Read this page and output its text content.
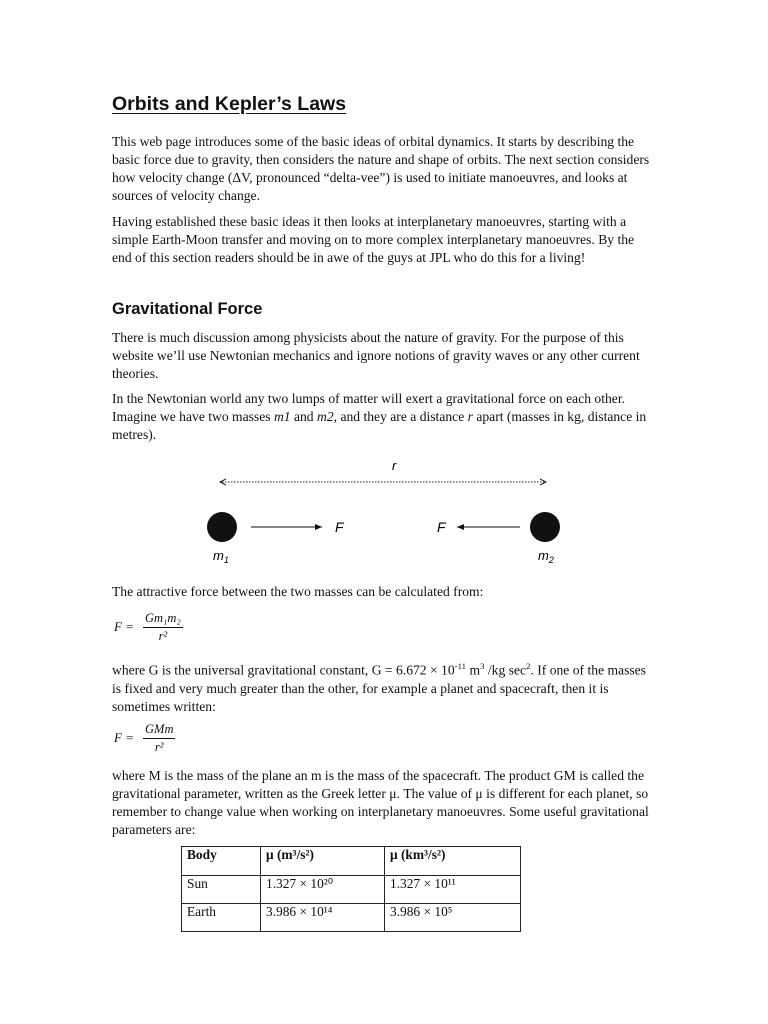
Orbits and Kepler’s Laws

This web page introduces some of the basic ideas of orbital dynamics. It starts by describing the basic force due to gravity, then considers the nature and shape of orbits. The next section considers how velocity change (ΔV, pronounced “delta-vee”) is used to initiate manoeuvres, and looks at sources of velocity change.

Having established these basic ideas it then looks at interplanetary manoeuvres, starting with a simple Earth-Moon transfer and moving on to more complex interplanetary manoeuvres. By the end of this section readers should be in awe of the guys at JPL who do this for a living!

Gravitational Force

There is much discussion among physicists about the nature of gravity. For the purpose of this website we’ll use Newtonian mechanics and ignore notions of gravity waves or any other current theories.

In the Newtonian world any two lumps of matter will exert a gravitational force on each other. Imagine we have two masses m1 and m2, and they are a distance r apart (masses in kg, distance in metres).

r
F	F
$m_1$	$m_2$

The attractive force between the two masses can be calculated from:

F =
Gm₁m₂
r²

where G is the universal gravitational constant, $G = 6.672 \times 10^{-11}$ $m^3$ /kg $\sec^2$. If one of the masses is fixed and very much greater than the other, for example a planet and spacecraft, then it is sometimes written:

F =
GMm
r²

where M is the mass of the plane an m is the mass of the spacecraft. The product GM is called the gravitational parameter, written as the Greek letter μ. The value of μ is different for each planet, so remember to change value when working on interplanetary manoeuvres. Some useful gravitational parameters are:

Body	μ (m³/s²)	μ (km³/s²)
Sun	1.327 × 10²⁰	1.327 × 10¹¹
Earth	3.986 × 10¹⁴	3.986 × 10⁵
